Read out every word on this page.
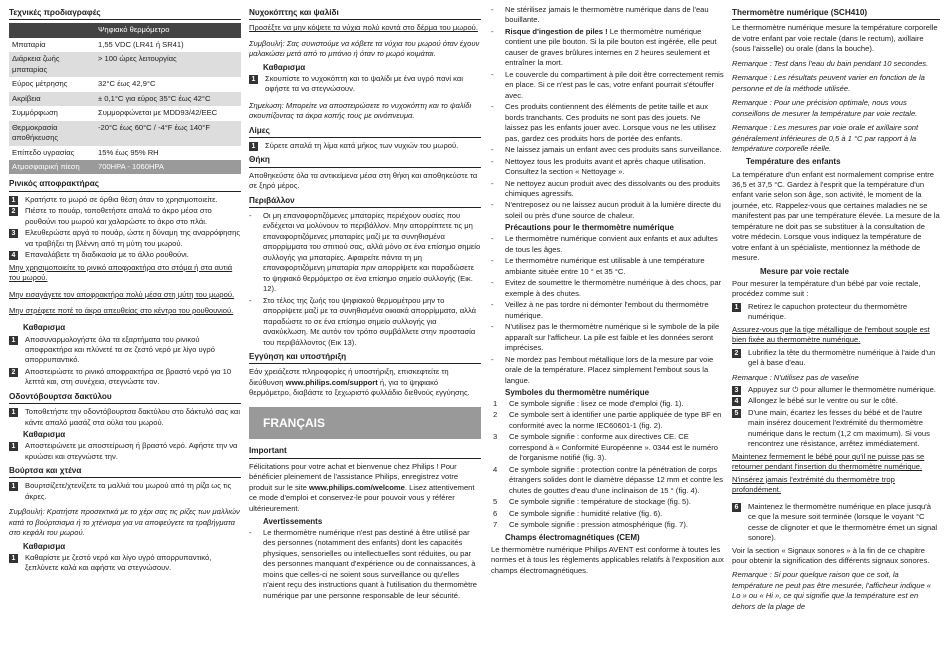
Τεχνικές προδιαγραφές
	Ψηφιακό θερμόμετρο
Μπαταρία	1,55 VDC (LR41 ή SR41)
Διάρκεια ζωής μπαταρίας	> 100 ώρες λειτουργίας
Εύρος μέτρησης	32°C έως 42,9°C
Ακρίβεια	± 0,1°C για εύρος 35°C έως 42°C
Συμμόρφωση	Συμμορφώνεται με MDD93/42/EEC
Θερμοκρασία αποθήκευσης	-20°C έως 60°C / -4°F έως 140°F
Επίπεδο υγρασίας	15% έως 95% RH
Ατμοσφαιρική πίεση	700HPA - 1060HPA
Ρινικός αποφρακτήρας
1	Κρατήστε το μωρό σε όρθια θέση όταν το χρησιμοποιείτε.
2	Πιέστε το πουάρ, τοποθετήστε απαλά το άκρο μέσα στο ρουθούνι του μωρού και χαλαρώστε το άκρο στο πλάι.
3	Ελευθερώστε αργά το πουάρ, ώστε η δύναμη της αναρρόφησης να τραβήξει τη βλέννη από τη μύτη του μωρού.
4	Επαναλάβετε τη διαδικασία με το άλλο ρουθούνι.
Μην χρησιμοποιείτε το ρινικό αποφρακτήρα στο στόμα ή στα αυτιά του μωρού.
Μην εισαγάγετε τον αποφρακτήρα πολύ μέσα στη μύτη του μωρού.
Μην στρέφετε ποτέ το άκρο απευθείας στο κέντρο του ρουθουνιού.
Καθαρισμα
1	Αποσυναρμολογήστε όλα τα εξαρτήματα του ρινικού αποφρακτήρα και πλύνετέ τα σε ζεστό νερό με λίγο υγρό απορρυπαντικό.
2	Αποστειρώστε το ρινικό αποφρακτήρα σε βραστό νερό για 10 λεπτά και, στη συνέχεια, στεγνώστε τον.
Οδοντόβουρτσα δακτύλου
1	Τοποθετήστε την οδοντόβουρτσα δακτύλου στο δάκτυλό σας και κάντε απαλό μασάζ στα ούλα του μωρού.
Καθαρισμα
1	Αποστειρώνετε με αποστείρωση ή βραστό νερό. Αφήστε την να κρυώσει και στεγνώστε την.
Βούρτσα και χτένα
1	Βουρτσίζετε/χτενίζετε τα μαλλιά του μωρού από τη ρίζα ως τις άκρες.
Συμβουλή: Κρατήστε προσεκτικά με το χέρι σας τις ρίζες των μαλλιών κατά το βούρτσισμα ή το χτένισμα για να αποφεύγετε τα τραβήγματα στο κεφάλι του μωρού.
Καθαρισμα
1	Καθαρίστε με ζεστό νερό και λίγο υγρό απορρυπαντικό, ξεπλύνετε καλά και αφήστε να στεγνώσουν.
Νυχοκόπτης και ψαλίδι
Προσέξτε να μην κόψετε τα νύχια πολύ κοντά στο δέρμα του μωρού.
Συμβουλή: Σας συνιστούμε να κόβετε τα νύχια του μωρού όταν έχουν μαλακώσει μετά από το μπάνιο ή όταν το μωρό κοιμάται.
Καθαρισμα
1	Σκουπίστε το νυχοκόπτη και το ψαλίδι με ένα υγρό πανί και αφήστε τα να στεγνώσουν.
Σημείωση: Μπορείτε να αποστειρώσετε το νυχοκόπτη και το ψαλίδι σκουπίζοντας τα άκρα κοπής τους με οινόπνευμα.
Λίμες
1	Σύρετε απαλά τη λίμα κατά μήκος των νυχιών του μωρού.
Θήκη
Αποθηκεύστε όλα τα αντικείμενα μέσα στη θήκη και αποθηκεύστε τα σε ξηρό μέρος.
Περιβάλλον
- Οι μη επαναφορτιζόμενες μπαταρίες περιέχουν ουσίες που ενδέχεται να μολύνουν το περιβάλλον. Μην απορρίπτετε τις μη επαναφορτιζόμενες μπαταρίες μαζί με τα συνηθισμένα απορρίμματα του σπιτιού σας, αλλά μόνο σε ένα επίσημο σημείο συλλογής για μπαταρίες. Αφαιρείτε πάντα τη μη επαναφορτιζόμενη μπαταρία πριν απορρίψετε και παραδώσετε το ψηφιακό θερμόμετρο σε ένα επίσημο σημείο συλλογής (Εικ. 12).
- Στο τέλος της ζωής του ψηφιακού θερμομέτρου μην το απορρίψετε μαζί με τα συνηθισμένα οικιακά απορρίμματα, αλλά παραδώστε το σε ένα επίσημο σημείο συλλογής για ανακύκλωση. Με αυτόν τον τρόπο συμβάλλετε στην προστασία του περιβάλλοντος (Εικ 13).
Εγγύηση και υποστήριξη
Εάν χρειάζεστε πληροφορίες ή υποστήριξη, επισκεφτείτε τη διεύθυνση www.philips.com/support ή, για το ψηφιακό θερμόμετρο, διαβάστε το ξεχωριστό φυλλάδιο διεθνούς εγγύησης.
FRANÇAIS
Important
Félicitations pour votre achat et bienvenue chez Philips ! Pour bénéficier pleinement de l'assistance Philips, enregistrez votre produit sur le site www.philips.com/welcome. Lisez attentivement ce mode d'emploi et conservez-le pour pouvoir vous y référer ultérieurement.
Avertissements
- Le thermomètre numérique n'est pas destiné à être utilisé par des personnes (notamment des enfants) dont les capacités physiques, sensorielles ou intellectuelles sont réduites, ou par des personnes manquant d'expérience ou de connaissances, à moins que celles-ci ne soient sous surveillance ou qu'elles n'aient reçu des instructions quant à l'utilisation du thermomètre numérique par une personne responsable de leur sécurité.
- Ne stérilisez jamais le thermomètre numérique dans de l'eau bouillante.
- Risque d'ingestion de piles ! Le thermomètre numérique contient une pile bouton. Si la pile bouton est ingérée, elle peut causer de graves brûlures internes en 2 heures seulement et entraîner la mort.
- Le couvercle du compartiment à pile doit être correctement remis en place. Si ce n'est pas le cas, votre enfant pourrait s'étouffer avec.
- Ces produits contiennent des éléments de petite taille et aux bords tranchants. Ces produits ne sont pas des jouets. Ne laissez pas les enfants jouer avec. Lorsque vous ne les utilisez pas, gardez ces produits hors de portée des enfants.
- Ne laissez jamais un enfant avec ces produits sans surveillance.
- Nettoyez tous les produits avant et après chaque utilisation. Consultez la section « Nettoyage ».
- Ne nettoyez aucun produit avec des dissolvants ou des produits chimiques agressifs.
- N'entreposez ou ne laissez aucun produit à la lumière directe du soleil ou près d'une source de chaleur.
Précautions pour le thermomètre numérique
- Le thermomètre numérique convient aux enfants et aux adultes de tous les âges.
- Le thermomètre numérique est utilisable à une température ambiante située entre 10 ° et 35 °C.
- Evitez de soumettre le thermomètre numérique à des chocs, par exemple à des chutes.
- Veillez à ne pas tordre ni démonter l'embout du thermomètre numérique.
- N'utilisez pas le thermomètre numérique si le symbole de la pile apparaît sur l'afficheur. La pile est faible et les données seront imprécises.
- Ne mordez pas l'embout métallique lors de la mesure par voie orale de la température. Placez simplement l'embout sous la langue.
Symboles du thermomètre numérique
1 Ce symbole signifie : lisez ce mode d'emploi (fig. 1).
2 Ce symbole sert à identifier une partie appliquée de type BF en conformité avec la norme IEC60601-1 (fig. 2).
3 Ce symbole signifie : conforme aux directives CE. CE correspond à « Conformité Européenne ». 0344 est le numéro de l'organisme notifié (fig. 3).
4 Ce symbole signifie : protection contre la pénétration de corps étrangers solides dont le diamètre dépasse 12 mm et contre les chutes de gouttes d'eau d'une inclinaison de 15 ° (fig. 4).
5 Ce symbole signifie : température de stockage (fig. 5).
6 Ce symbole signifie : humidité relative (fig. 6).
7 Ce symbole signifie : pression atmosphérique (fig. 7).
Champs électromagnétiques (CEM)
Le thermomètre numérique Philips AVENT est conforme à toutes les normes et à tous les règlements applicables relatifs à l'exposition aux champs électromagnétiques.
Thermomètre numérique (SCH410)
Le thermomètre numérique mesure la température corporelle de votre enfant par voie rectale (dans le rectum), axillaire (sous l'aisselle) ou orale (dans la bouche).
Remarque : Test dans l'eau du bain pendant 10 secondes.
Remarque : Les résultats peuvent varier en fonction de la personne et de la méthode utilisée.
Remarque : Pour une précision optimale, nous vous conseillons de mesurer la température par voie rectale.
Remarque : Les mesures par voie orale et axillaire sont généralement inférieures de 0,5 à 1 °C par rapport à la température corporelle réelle.
Température des enfants
La température d'un enfant est normalement comprise entre 36,5 et 37,5 °C. Gardez à l'esprit que la température d'un enfant varie selon son âge, son activité, le moment de la journée, etc. Rappelez-vous que certaines maladies ne se manifestent pas par une température élevée. La mesure de la température ne doit pas se substituer à la consultation de votre médecin. Lorsque vous indiquez la température de votre enfant à un spécialiste, mentionnez la méthode de mesure.
Mesure par voie rectale
Pour mesurer la température d'un bébé par voie rectale, procédez comme suit :
1	Retirez le capuchon protecteur du thermomètre numérique.
Assurez-vous que la tige métallique de l'embout souple est bien fixée au thermomètre numérique.
2	Lubrifiez la tête du thermomètre numérique à l'aide d'un gel à base d'eau.
Remarque : N'utilisez pas de vaseline
3	Appuyez sur ⏻ pour allumer le thermomètre numérique.
4	Allongez le bébé sur le ventre ou sur le côté.
5	D'une main, écartez les fesses du bébé et de l'autre main insérez doucement l'extrémité du thermomètre numérique dans le rectum (1,2 cm maximum). Si vous rencontrez une résistance, arrêtez immédiatement.
Maintenez fermement le bébé pour qu'il ne puisse pas se retourner pendant l'insertion du thermomètre numérique.
N'insérez jamais l'extrémité du thermomètre trop profondément.
6	Maintenez le thermomètre numérique en place jusqu'à ce que la mesure soit terminée (lorsque le voyant °C cesse de clignoter et que le thermomètre émet un signal sonore).
Voir la section « Signaux sonores » à la fin de ce chapitre pour obtenir la signification des différents signaux sonores.
Remarque : Si pour quelque raison que ce soit, la température ne peut pas être mesurée, l'afficheur indique « Lo » ou « Hi », ce qui signifie que la température est en dehors de la plage de
